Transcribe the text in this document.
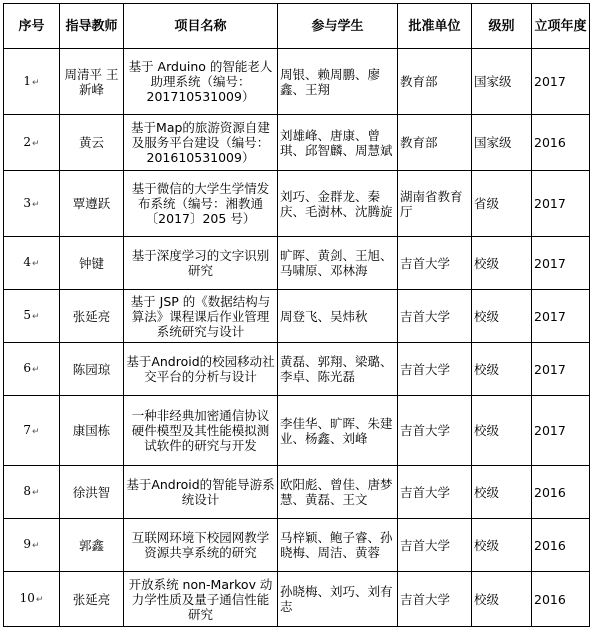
序号	指导教师	项目名称	参与学生	批准单位	级别	立项年度
1↵	周清平 王新峰	基于 Arduino 的智能老人助理系统（编号：201710531009）	周银、赖周鹏、廖鑫、王翔	教育部	国家级	2017
2↵	黄云	基于Map的旅游资源自建及服务平台建设（编号：201610531009）	刘雄峰、唐康、曾琪、邱智麟、周慧斌	教育部	国家级	2016
3↵	覃遵跃	基于微信的大学生学情发布系统（编号：湘教通〔2017〕205 号）	刘巧、金群龙、秦庆、毛澍林、沈腾旋	湖南省教育厅	省级	2017
4↵	钟键	基于深度学习的文字识别研究	旷晖、黄剑、王旭、马啸原、邓林海	吉首大学	校级	2017
5↵	张延亮	基于 JSP 的《数据结构与算法》课程课后作业管理系统研究与设计	周登飞、吴炜秋	吉首大学	校级	2017
6↵	陈园琼	基于Android的校园移动社交平台的分析与设计	黄磊、郭翔、梁璐、李卓、陈光磊	吉首大学	校级	2017
7↵	康国栋	一种非经典加密通信协议硬件模型及其性能模拟测试软件的研究与开发	李佳华、旷晖、朱建业、杨鑫、刘峰	吉首大学	校级	2017
8↵	徐洪智	基于Android的智能导游系统设计	欧阳彪、曾佳、唐梦慧、黄磊、王文	吉首大学	校级	2016
9↵	郭鑫	互联网环境下校园网教学资源共享系统的研究	马梓颖、鲍子睿、孙晓梅、周洁、黄蓉	吉首大学	校级	2016
10↵	张延亮	开放系统 non-Markov 动力学性质及量子通信性能研究	孙晓梅、刘巧、刘有志	吉首大学	校级	2016
